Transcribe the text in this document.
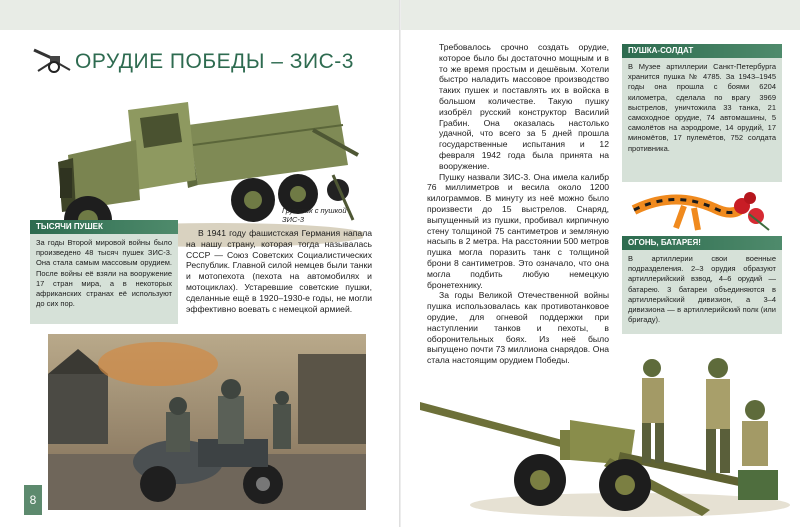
ОРУДИЕ ПОБЕДЫ – ЗИС-3
Грузовик с пушкой ЗИС-3
ТЫСЯЧИ ПУШЕК
За годы Второй мировой войны было произведено 48 тысяч пушек ЗИС-3. Она стала самым массовым орудием. После войны её взяли на вооружение 17 стран мира, а в некоторых африканских странах её используют до сих пор.

В 1941 году фашистская Германия напала на нашу страну, которая тогда называлась СССР — Союз Советских Социалистических Республик. Главной силой немцев были танки и мотопехота (пехота на автомобилях и мотоциклах). Устаревшие советские пушки, сделанные ещё в 1920–1930-е годы, не могли эффективно воевать с немецкой армией.

8

Требовалось срочно создать орудие, которое было бы достаточно мощным и в то же время простым и дешёвым. Хотели быстро наладить массовое производство таких пушек и поставлять их в войска в большом количестве. Такую пушку изобрёл русский конструктор Василий Грабин. Она оказалась настолько удачной, что всего за 5 дней прошла государственные испытания и 12 февраля 1942 года была принята на вооружение.

Пушку назвали ЗИС-3. Она имела калибр 76 миллиметров и весила около 1200 килограммов. В минуту из неё можно было произвести до 15 выстрелов. Снаряд, выпущенный из пушки, пробивал кирпичную стену толщиной 75 сантиметров и земляную насыпь в 2 метра. На расстоянии 500 метров пушка могла поразить танк с толщиной брони 8 сантиметров. Это означало, что она могла подбить любую немецкую бронетехнику.

За годы Великой Отечественной войны пушка использовалась как противотанковое орудие, для огневой поддержки при наступлении танков и пехоты, в оборонительных боях. Из неё было выпущено почти 73 миллиона снарядов. Она стала настоящим орудием Победы.

ПУШКА-СОЛДАТ
В Музее артиллерии Санкт-Петербурга хранится пушка № 4785. За 1943–1945 годы она прошла с боями 6204 километра, сделала по врагу 3969 выстрелов, уничтожила 33 танка, 21 самоходное орудие, 74 автомашины, 5 самолётов на аэродроме, 14 орудий, 17 миномётов, 17 пулемётов, 752 солдата противника.
ОГОНЬ, БАТАРЕЯ!
В артиллерии свои военные подразделения. 2–3 орудия образуют артиллерийский взвод, 4–6 орудий — батарею. 3 батареи объединяются в артиллерийский дивизион, а 3–4 дивизиона — в артиллерийский полк (или бригаду).
